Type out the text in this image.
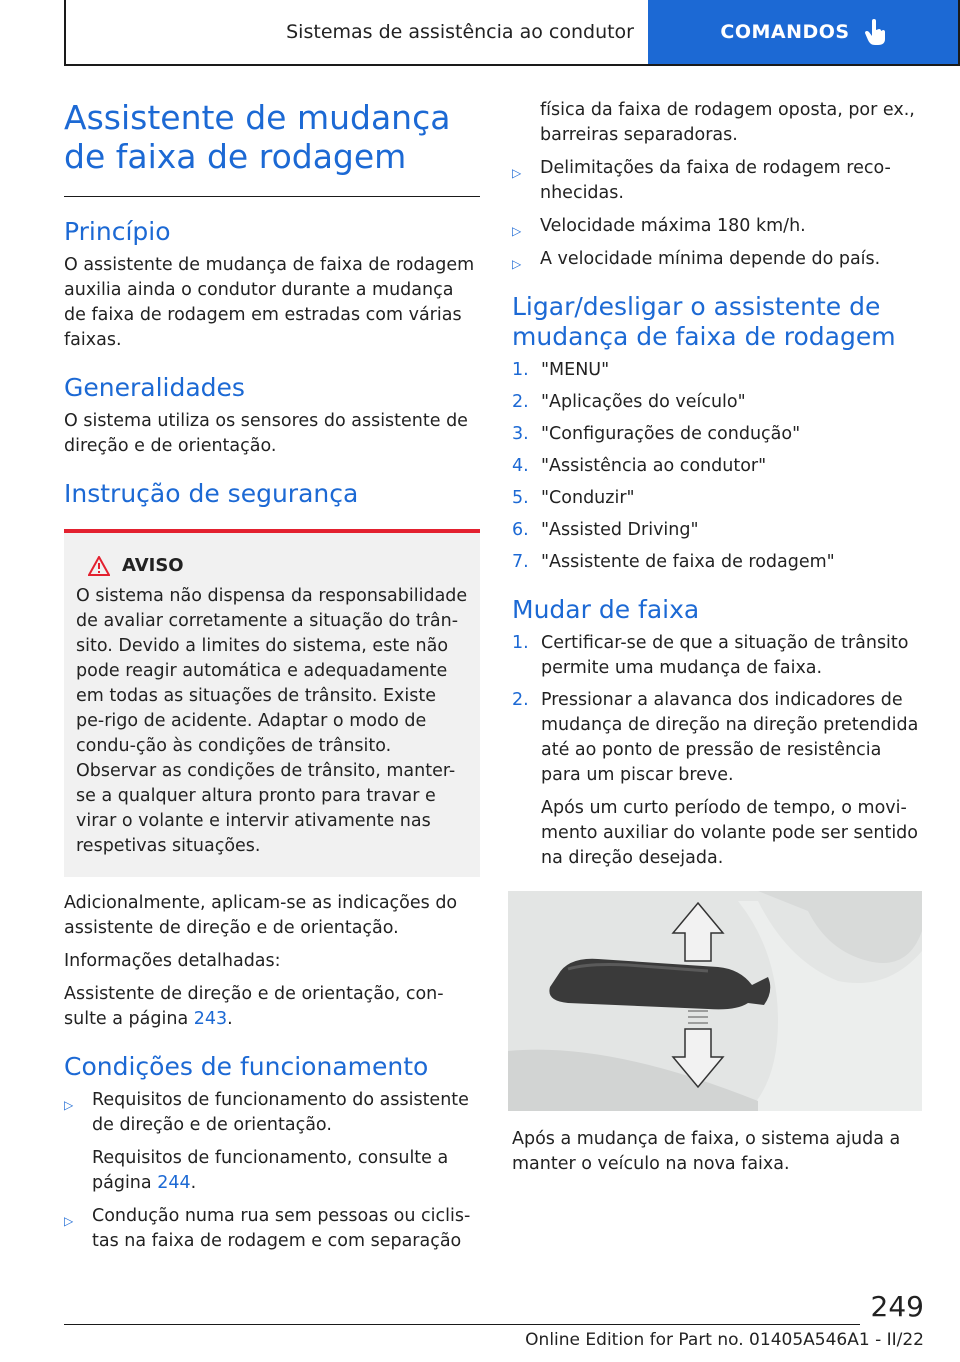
Sistemas de assistência ao condutor	COMANDOS
Assistente de mudança de faixa de rodagem
Princípio

O assistente de mudança de faixa de rodagem auxilia ainda o condutor durante a mudança de faixa de rodagem em estradas com várias faixas.

Generalidades

O sistema utiliza os sensores do assistente de direção e de orientação.

Instrução de segurança
AVISO

O sistema não dispensa da responsabilidade de avaliar corretamente a situação do trân-sito. Devido a limites do sistema, este não pode reagir automática e adequadamente em todas as situações de trânsito. Existe pe-rigo de acidente. Adaptar o modo de condu-ção às condições de trânsito. Observar as condições de trânsito, manter-se a qualquer altura pronto para travar e virar o volante e intervir ativamente nas respetivas situações.

Adicionalmente, aplicam-se as indicações do assistente de direção e de orientação.

Informações detalhadas:

Assistente de direção e de orientação, con-sulte a página 243.

Condições de funcionamento
▷ Requisitos de funcionamento do assistente de direção e de orientação.

Requisitos de funcionamento, consulte a página 244.

▷ Condução numa rua sem pessoas ou ciclis-tas na faixa de rodagem e com separação

física da faixa de rodagem oposta, por ex., barreiras separadoras.

▷ Delimitações da faixa de rodagem reco-nhecidas.
▷ Velocidade máxima 180 km/h.
▷ A velocidade mínima depende do país.
Ligar/desligar o assistente de mudança de faixa de rodagem
1. "MENU"
2. "Aplicações do veículo"
3. "Configurações de condução"
4. "Assistência ao condutor"
5. "Conduzir"
6. "Assisted Driving"
7. "Assistente de faixa de rodagem"
Mudar de faixa
1. Certificar-se de que a situação de trânsito permite uma mudança de faixa.
2. Pressionar a alavanca dos indicadores de mudança de direção na direção pretendida até ao ponto de pressão de resistência para um piscar breve.

Após um curto período de tempo, o movi-mento auxiliar do volante pode ser sentido na direção desejada.

Após a mudança de faixa, o sistema ajuda a manter o veículo na nova faixa.

249
Online Edition for Part no. 01405A546A1 - II/22
